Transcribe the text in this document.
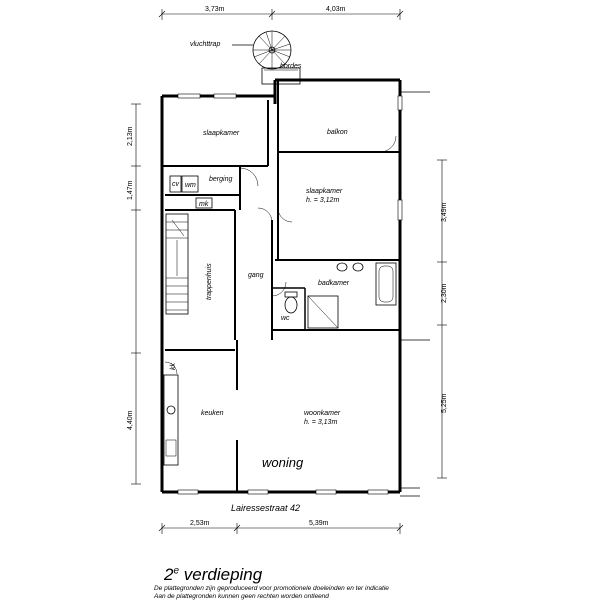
3,73m	4,03m
2,53m	5,39m
2,13m
1,47m
4,40m
3,49m
2,30m
5,25m
vluchttrap
bordes
slaapkamer	balkon
berging
cv wm
mk
slaapkamer
h. = 3,12m
trappenhuis	gang
badkamer
wc
kk
keuken	woonkamer
h. = 3,13m
woning
Lairessestraat 42
2e verdieping
De plattegronden zijn geproduceerd voor promotionele doeleinden en ter indicatie
Aan de plattegronden kunnen geen rechten worden ontleend
